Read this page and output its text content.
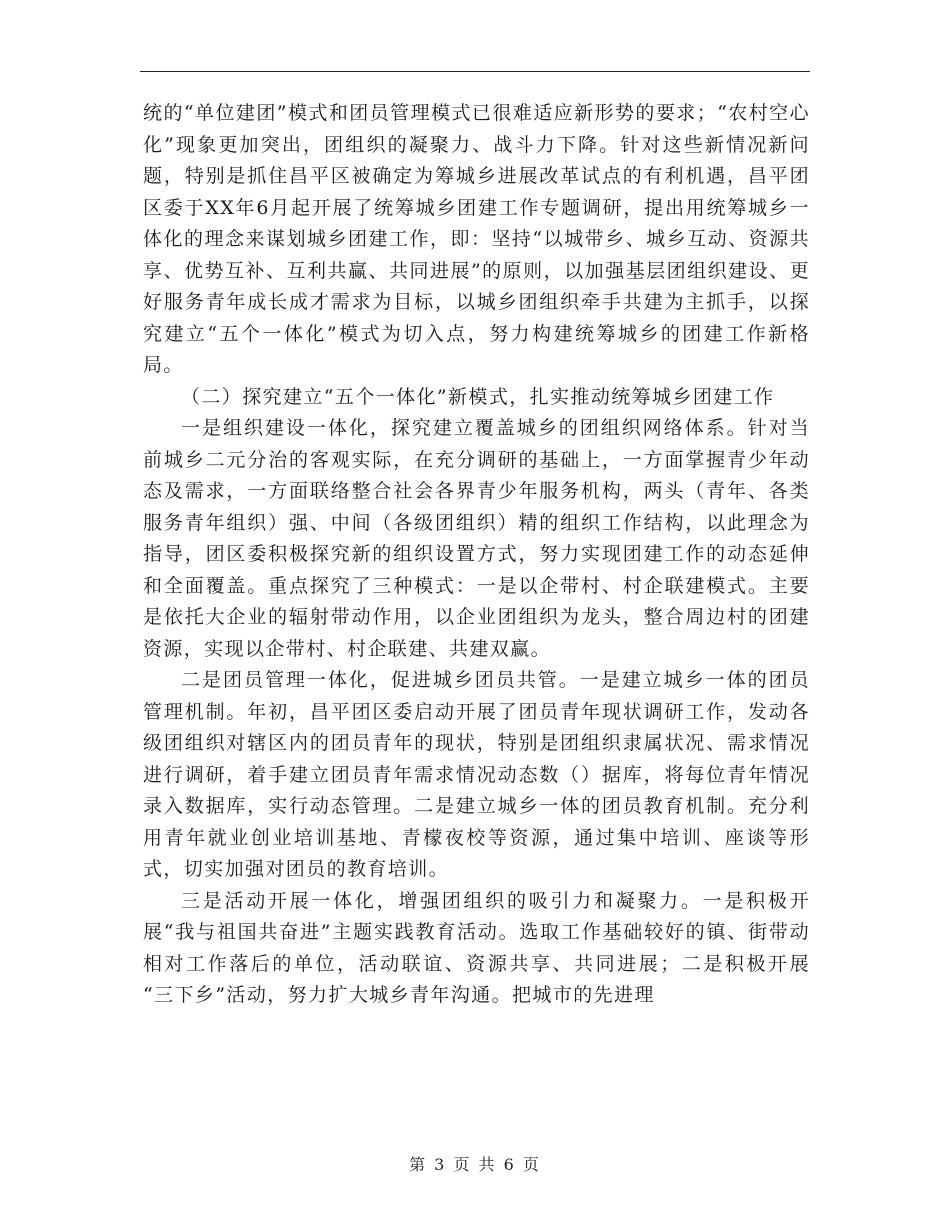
统的“单位建团”模式和团员管理模式已很难适应新形势的要求；“农村空心化”现象更加突出，团组织的凝聚力、战斗力下降。针对这些新情况新问题，特别是抓住昌平区被确定为筹城乡进展改革试点的有利机遇，昌平团区委于XX年6月起开展了统筹城乡团建工作专题调研，提出用统筹城乡一体化的理念来谋划城乡团建工作，即：坚持“以城带乡、城乡互动、资源共享、优势互补、互利共赢、共同进展”的原则，以加强基层团组织建设、更好服务青年成长成才需求为目标，以城乡团组织牵手共建为主抓手，以探究建立“五个一体化”模式为切入点，努力构建统筹城乡的团建工作新格局。

（二）探究建立“五个一体化”新模式，扎实推动统筹城乡团建工作

一是组织建设一体化，探究建立覆盖城乡的团组织网络体系。针对当前城乡二元分治的客观实际，在充分调研的基础上，一方面掌握青少年动态及需求，一方面联络整合社会各界青少年服务机构，两头（青年、各类服务青年组织）强、中间（各级团组织）精的组织工作结构，以此理念为指导，团区委积极探究新的组织设置方式，努力实现团建工作的动态延伸和全面覆盖。重点探究了三种模式：一是以企带村、村企联建模式。主要是依托大企业的辐射带动作用，以企业团组织为龙头，整合周边村的团建资源，实现以企带村、村企联建、共建双赢。

二是团员管理一体化，促进城乡团员共管。一是建立城乡一体的团员管理机制。年初，昌平团区委启动开展了团员青年现状调研工作，发动各级团组织对辖区内的团员青年的现状，特别是团组织隶属状况、需求情况进行调研，着手建立团员青年需求情况动态数（）据库，将每位青年情况录入数据库，实行动态管理。二是建立城乡一体的团员教育机制。充分利用青年就业创业培训基地、青檬夜校等资源，通过集中培训、座谈等形式，切实加强对团员的教育培训。

三是活动开展一体化，增强团组织的吸引力和凝聚力。一是积极开展“我与祖国共奋进”主题实践教育活动。选取工作基础较好的镇、街带动相对工作落后的单位，活动联谊、资源共享、共同进展；二是积极开展 “三下乡”活动，努力扩大城乡青年沟通。把城市的先进理

第 3 页 共 6 页
